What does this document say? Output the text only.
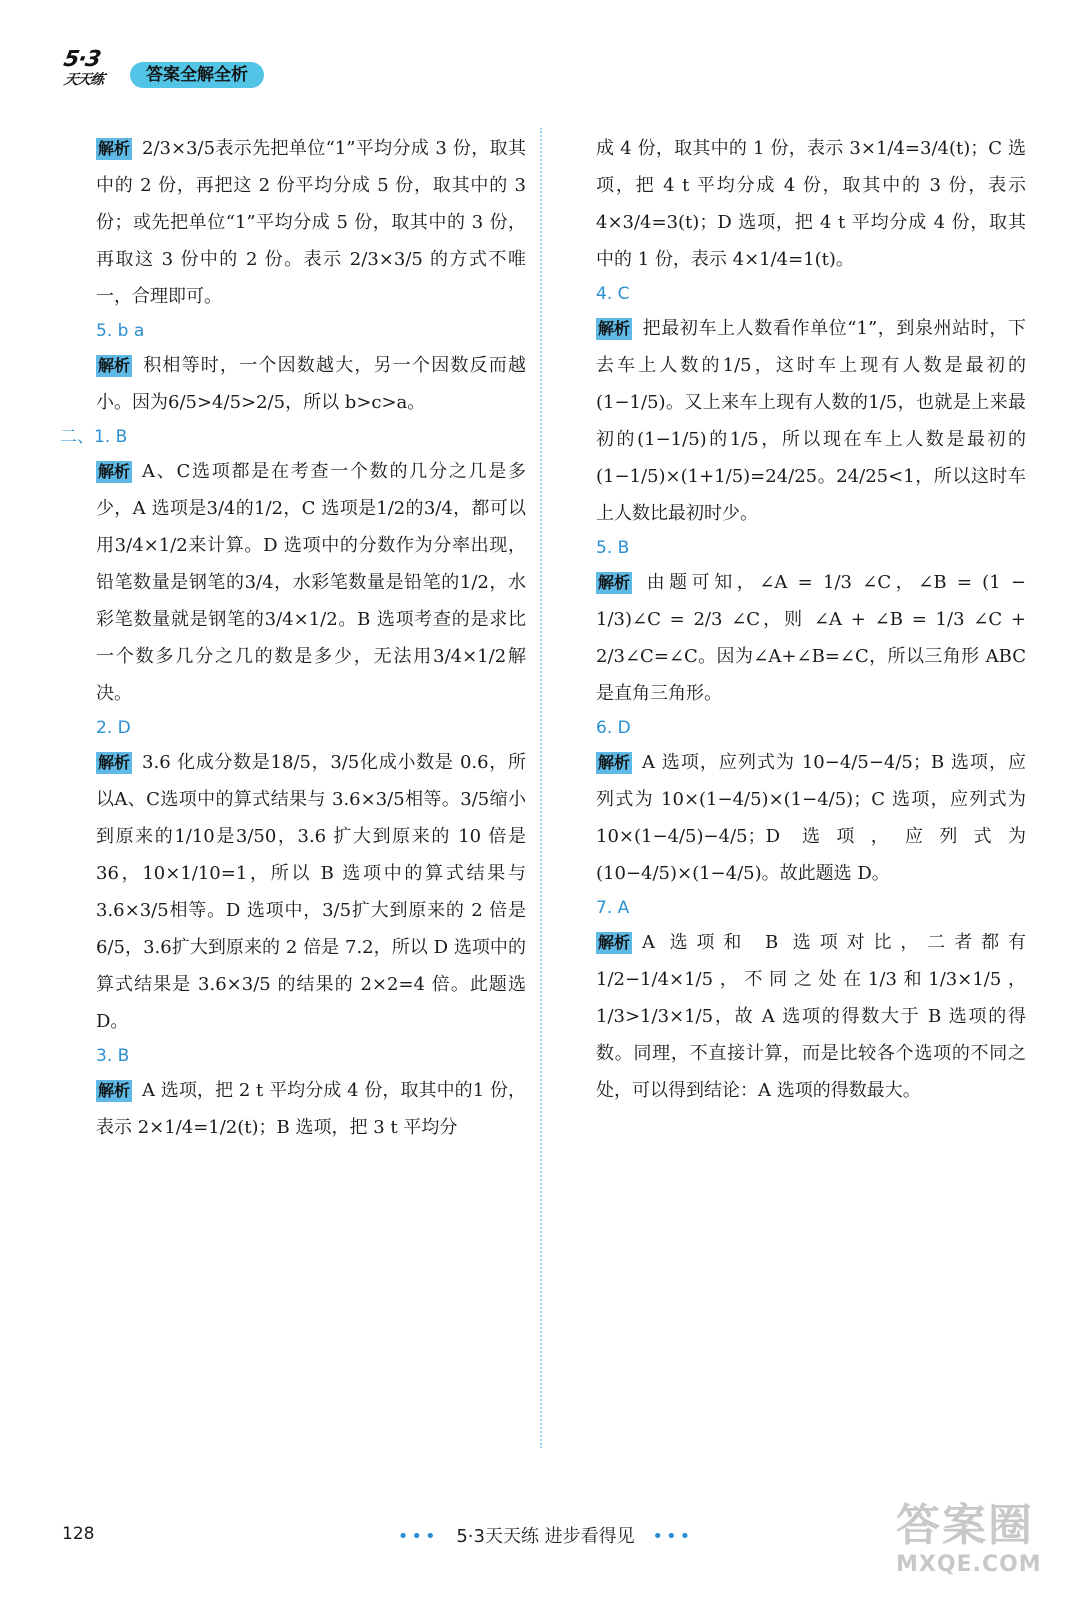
5·3
天天练	答案全解全析

解析 2/3×3/5表示先把单位“1”平均分成 3 份，取其中的 2 份，再把这 2 份平均分成 5 份，取其中的 3 份；或先把单位“1”平均分成 5 份，取其中的 3 份，再取这 3 份中的 2 份。表示 2/3×3/5 的方式不唯一，合理即可。

5. b a

解析 积相等时，一个因数越大，另一个因数反而越小。因为6/5>4/5>2/5，所以 b>c>a。

二、1. B

解析 A、C选项都是在考查一个数的几分之几是多少，A 选项是3/4的1/2，C 选项是1/2的3/4，都可以用3/4×1/2来计算。D 选项中的分数作为分率出现，铅笔数量是钢笔的3/4，水彩笔数量是铅笔的1/2，水彩笔数量就是钢笔的3/4×1/2。B 选项考查的是求比一个数多几分之几的数是多少，无法用3/4×1/2解决。

2. D

解析 3.6 化成分数是18/5，3/5化成小数是 0.6，所以A、C选项中的算式结果与 3.6×3/5相等。3/5缩小到原来的1/10是3/50，3.6 扩大到原来的 10 倍是 36，10×1/10=1，所以 B 选项中的算式结果与3.6×3/5相等。D 选项中，3/5扩大到原来的 2 倍是6/5，3.6扩大到原来的 2 倍是 7.2，所以 D 选项中的算式结果是 3.6×3/5 的结果的 2×2=4 倍。此题选 D。

3. B

解析 A 选项，把 2 t 平均分成 4 份，取其中的1 份，表示 2×1/4=1/2(t)；B 选项，把 3 t 平均分

成 4 份，取其中的 1 份，表示 3×1/4=3/4(t)；C 选项，把 4 t 平均分成 4 份，取其中的 3 份，表示 4×3/4=3(t)；D 选项，把 4 t 平均分成 4 份，取其中的 1 份，表示 4×1/4=1(t)。

4. C

解析 把最初车上人数看作单位“1”，到泉州站时，下去车上人数的1/5，这时车上现有人数是最初的(1−1/5)。又上来车上现有人数的1/5，也就是上来最初的(1−1/5)的1/5，所以现在车上人数是最初的(1−1/5)×(1+1/5)=24/25。24/25<1，所以这时车上人数比最初时少。

5. B

解析 由题可知，∠A = 1/3 ∠C，∠B = (1 − 1/3)∠C = 2/3 ∠C，则 ∠A + ∠B = 1/3 ∠C + 2/3∠C=∠C。因为∠A+∠B=∠C，所以三角形 ABC 是直角三角形。

6. D

解析 A 选项，应列式为 10−4/5−4/5；B 选项，应列式为 10×(1−4/5)×(1−4/5)；C 选项，应列式为 10×(1−4/5)−4/5；D 选项，应列式为(10−4/5)×(1−4/5)。故此题选 D。

7. A

解析 A 选项和 B 选项对比，二者都有1/2−1/4×1/5，不同之处在1/3和1/3×1/5，1/3>1/3×1/5，故 A 选项的得数大于 B 选项的得数。同理，不直接计算，而是比较各个选项的不同之处，可以得到结论：A 选项的得数最大。

128	••• 5·3天天练 进步看得见 •••	答案圈
MXQE.COM
